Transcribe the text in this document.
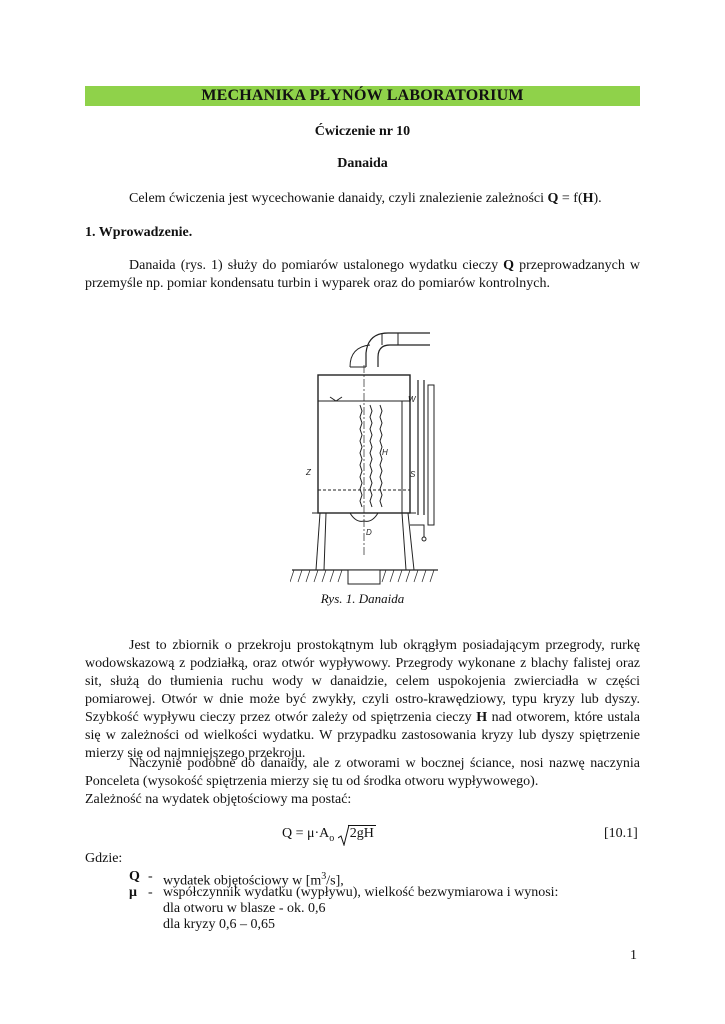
MECHANIKA PŁYNÓW LABORATORIUM
Ćwiczenie nr 10
Danaida
Celem ćwiczenia jest wycechowanie danaidy, czyli znalezienie zależności Q = f(H).
1. Wprowadzenie.
Danaida (rys. 1) służy do pomiarów ustalonego wydatku cieczy Q przeprowadzanych w przemyśle np. pomiar kondensatu turbin i wyparek oraz do pomiarów kontrolnych.
W
H
Z	S
D
Rys. 1. Danaida
Jest to zbiornik o przekroju prostokątnym lub okrągłym posiadającym przegrody, rurkę wodowskazową z podziałką, oraz otwór wypływowy. Przegrody wykonane z blachy falistej oraz sit, służą do tłumienia ruchu wody w danaidzie, celem uspokojenia zwierciadła w części pomiarowej. Otwór w dnie może być zwykły, czyli ostro-krawędziowy, typu kryzy lub dyszy. Szybkość wypływu cieczy przez otwór zależy od spiętrzenia cieczy H nad otworem, które ustala się w zależności od wielkości wydatku. W przypadku zastosowania kryzy lub dyszy spiętrzenie mierzy się od najmniejszego przekroju.
Naczynie podobne do danaidy, ale z otworami w bocznej ściance, nosi nazwę naczynia Ponceleta (wysokość spiętrzenia mierzy się tu od środka otworu wypływowego).
Zależność na wydatek objętościowy ma postać:
$Q = \mu\cdot A_o$ 2gH	[10.1]
Gdzie:
Q - wydatek objętościowy w $[m^3/s]$,
μ - współczynnik wydatku (wypływu), wielkość bezwymiarowa i wynosi:
dla otworu w blasze - ok. 0,6
dla kryzy 0,6 – 0,65
1
